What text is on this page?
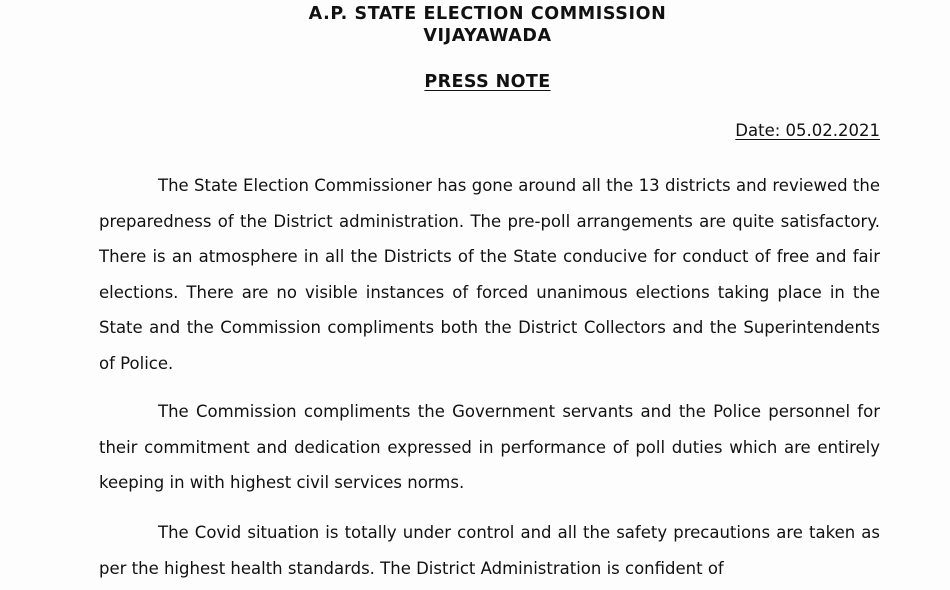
A.P. STATE ELECTION COMMISSION
VIJAYAWADA
PRESS NOTE
Date: 05.02.2021

The State Election Commissioner has gone around all the 13 districts and reviewed the preparedness of the District administration. The pre-poll arrangements are quite satisfactory. There is an atmosphere in all the Districts of the State conducive for conduct of free and fair elections. There are no visible instances of forced unanimous elections taking place in the State and the Commission compliments both the District Collectors and the Superintendents of Police.

The Commission compliments the Government servants and the Police personnel for their commitment and dedication expressed in performance of poll duties which are entirely keeping in with highest civil services norms.

The Covid situation is totally under control and all the safety precautions are taken as per the highest health standards. The District Administration is confident of
